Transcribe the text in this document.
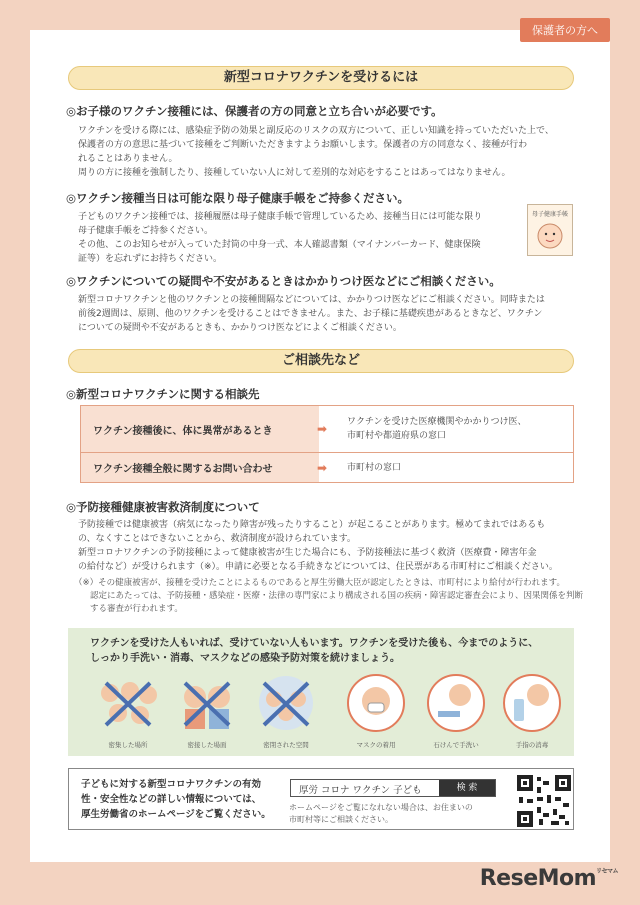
保護者の方へ
新型コロナワクチンを受けるには
◎お子様のワクチン接種には、保護者の方の同意と立ち合いが必要です。
ワクチンを受ける際には、感染症予防の効果と副反応のリスクの双方について、正しい知識を持っていただいた上で、
保護者の方の意思に基づいて接種をご判断いただきますようお願いします。保護者の方の同意なく、接種が行わ
れることはありません。
周りの方に接種を強制したり、接種していない人に対して差別的な対応をすることはあってはなりません。
◎ワクチン接種当日は可能な限り母子健康手帳をご持参ください。
子どものワクチン接種では、接種履歴は母子健康手帳で管理しているため、接種当日には可能な限り
母子健康手帳をご持参ください。
その他、このお知らせが入っていた封筒の中身一式、本人確認書類（マイナンバーカード、健康保険
証等）を忘れずにお持ちください。
母子健康手帳
◎ワクチンについての疑問や不安があるときはかかりつけ医などにご相談ください。
新型コロナワクチンと他のワクチンとの接種間隔などについては、かかりつけ医などにご相談ください。同時または
前後2週間は、原則、他のワクチンを受けることはできません。また、お子様に基礎疾患があるときなど、ワクチン
についての疑問や不安があるときも、かかりつけ医などによくご相談ください。
ご相談先など
◎新型コロナワクチンに関する相談先
ワクチン接種後に、体に異常があるとき	➡ ワクチンを受けた医療機関やかかりつけ医、
市町村や都道府県の窓口
ワクチン接種全般に関するお問い合わせ	➡	市町村の窓口
◎予防接種健康被害救済制度について
予防接種では健康被害（病気になったり障害が残ったりすること）が起こることがあります。極めてまれではあるも
の、なくすことはできないことから、救済制度が設けられています。
新型コロナワクチンの予防接種によって健康被害が生じた場合にも、予防接種法に基づく救済（医療費・障害年金
の給付など）が受けられます（※）。申請に必要となる手続きなどについては、住民票がある市町村にご相談ください。
（※）その健康被害が、接種を受けたことによるものであると厚生労働大臣が認定したときは、市町村により給付が行われます。
認定にあたっては、予防接種・感染症・医療・法律の専門家により構成される国の疾病・障害認定審査会により、因果関係を判断
する審査が行われます。
ワクチンを受けた人もいれば、受けていない人もいます。ワクチンを受けた後も、今までのように、
しっかり手洗い・消毒、マスクなどの感染予防対策を続けましょう。
密集した場所	密接した場面	密閉された空間	マスクの着用	石けんで手洗い	手指の消毒
子どもに対する新型コロナワクチンの有効
性・安全性などの詳しい情報については、
厚生労働省のホームページをご覧ください。
ホームページをご覧になれない場合は、お住まいの
市町村等にご相談ください。
厚労 コロナ ワクチン 子ども	検 索
ReseMom$^{リセマム}$
